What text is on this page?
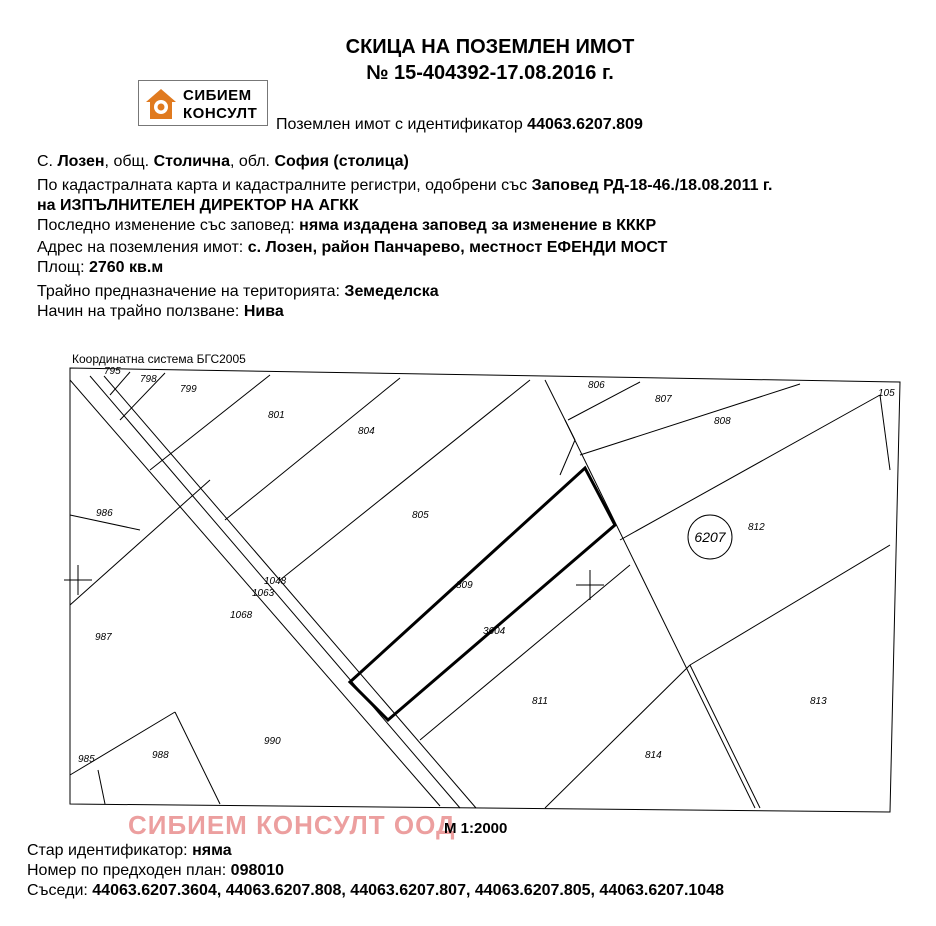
СКИЦА НА ПОЗЕМЛЕН ИМОТ
№ 15-404392-17.08.2016 г.
СИБИЕМ
КОНСУЛТ
Поземлен имот с идентификатор 44063.6207.809
С. Лозен, общ. Столична, обл. София (столица)
По кадастралната карта и кадастралните регистри, одобрени със Заповед РД-18-46./18.08.2011 г.
на ИЗПЪЛНИТЕЛЕН ДИРЕКТОР НА АГКК
Последно изменение със заповед: няма издадена заповед за изменение в КККР
Адрес на поземления имот: с. Лозен, район Панчарево, местност ЕФЕНДИ МОСТ
Площ: 2760 кв.м
Трайно предназначение на територията: Земеделска
Начин на трайно ползване: Нива
Координатна система БГС2005
795
798
799
801
804
805
806
807
808
105
986
812
1048
1063
1068
809
3604
987
811	813
990
988
985	814
6207
СИБИЕМ КОНСУЛТ ООД
М 1:2000
Стар идентификатор: няма
Номер по предходен план: 098010
Съседи: 44063.6207.3604, 44063.6207.808, 44063.6207.807, 44063.6207.805, 44063.6207.1048
